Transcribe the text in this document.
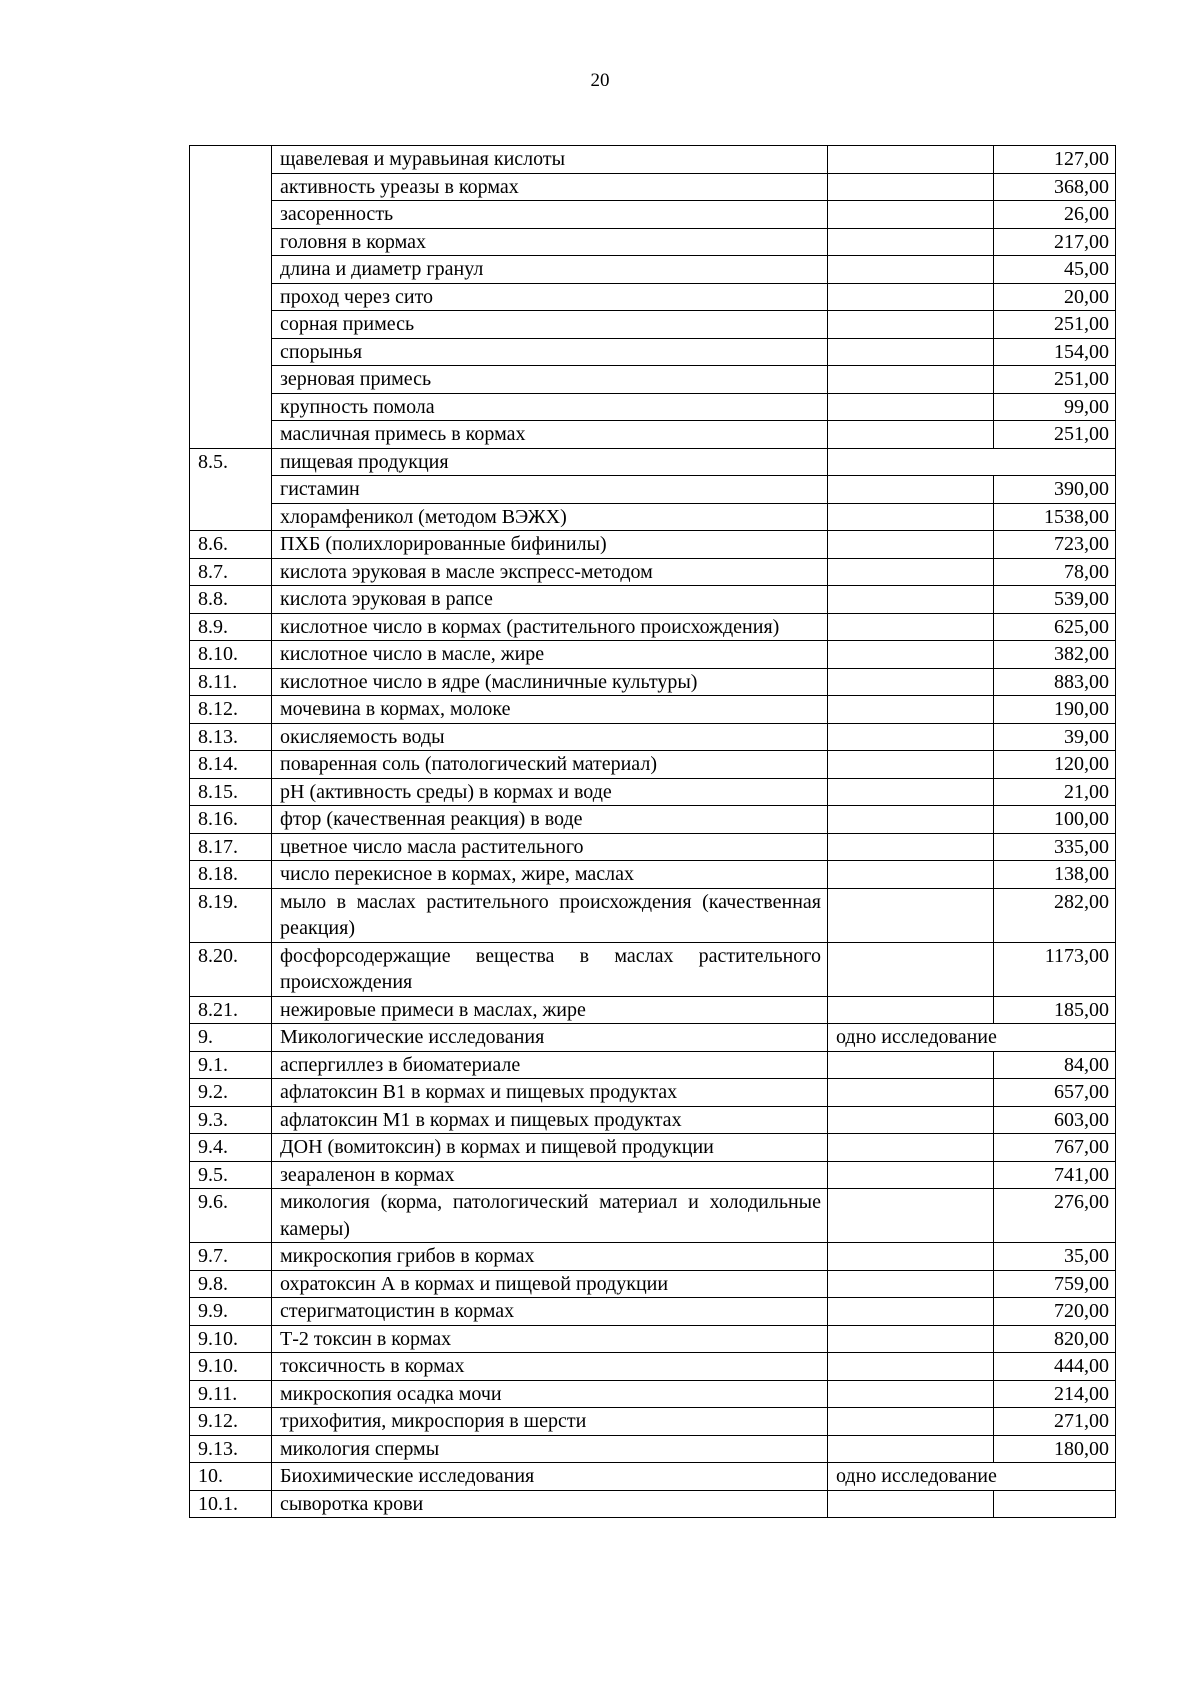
20
	щавелевая и муравьиная кислоты		127,00
	активность уреазы в кормах		368,00
	засоренность		26,00
	головня в кормах		217,00
	длина и диаметр гранул		45,00
	проход через сито		20,00
	сорная примесь		251,00
	спорынья		154,00
	зерновая примесь		251,00
	крупность помола		99,00
	масличная примесь в кормах		251,00
8.5.	пищевая продукция		
	гистамин		390,00
	хлорамфеникол (методом ВЭЖХ)		1538,00
8.6.	ПХБ (полихлорированные бифинилы)		723,00
8.7.	кислота эруковая в масле экспресс-методом		78,00
8.8.	кислота эруковая в рапсе		539,00
8.9.	кислотное число в кормах (растительного происхождения)		625,00
8.10.	кислотное число в масле, жире		382,00
8.11.	кислотное число в ядре (маслиничные культуры)		883,00
8.12.	мочевина в кормах, молоке		190,00
8.13.	окисляемость воды		39,00
8.14.	поваренная соль (патологический материал)		120,00
8.15.	pH (активность среды) в кормах и воде		21,00
8.16.	фтор (качественная реакция) в воде		100,00
8.17.	цветное число масла растительного		335,00
8.18.	число перекисное в кормах, жире, маслах		138,00
8.19.	мыло в маслах растительного происхождения (качественная реакция)		282,00
8.20.	фосфорсодержащие вещества в маслах растительного происхождения		1173,00
8.21.	нежировые примеси в маслах, жире		185,00
9.	Микологические исследования	одно исследование	
9.1.	аспергиллез в биоматериале		84,00
9.2.	афлатоксин В1 в кормах и пищевых продуктах		657,00
9.3.	афлатоксин М1 в кормах и пищевых продуктах		603,00
9.4.	ДОН (вомитоксин) в кормах и пищевой продукции		767,00
9.5.	зеараленон в кормах		741,00
9.6.	микология (корма, патологический материал и холодильные камеры)		276,00
9.7.	микроскопия грибов в кормах		35,00
9.8.	охратоксин А в кормах и пищевой продукции		759,00
9.9.	стеригматоцистин в кормах		720,00
9.10.	Т-2 токсин в кормах		820,00
9.10.	токсичность в кормах		444,00
9.11.	микроскопия осадка мочи		214,00
9.12.	трихофития, микроспория в шерсти		271,00
9.13.	микология спермы		180,00
10.	Биохимические исследования	одно исследование	
10.1.	сыворотка крови		
